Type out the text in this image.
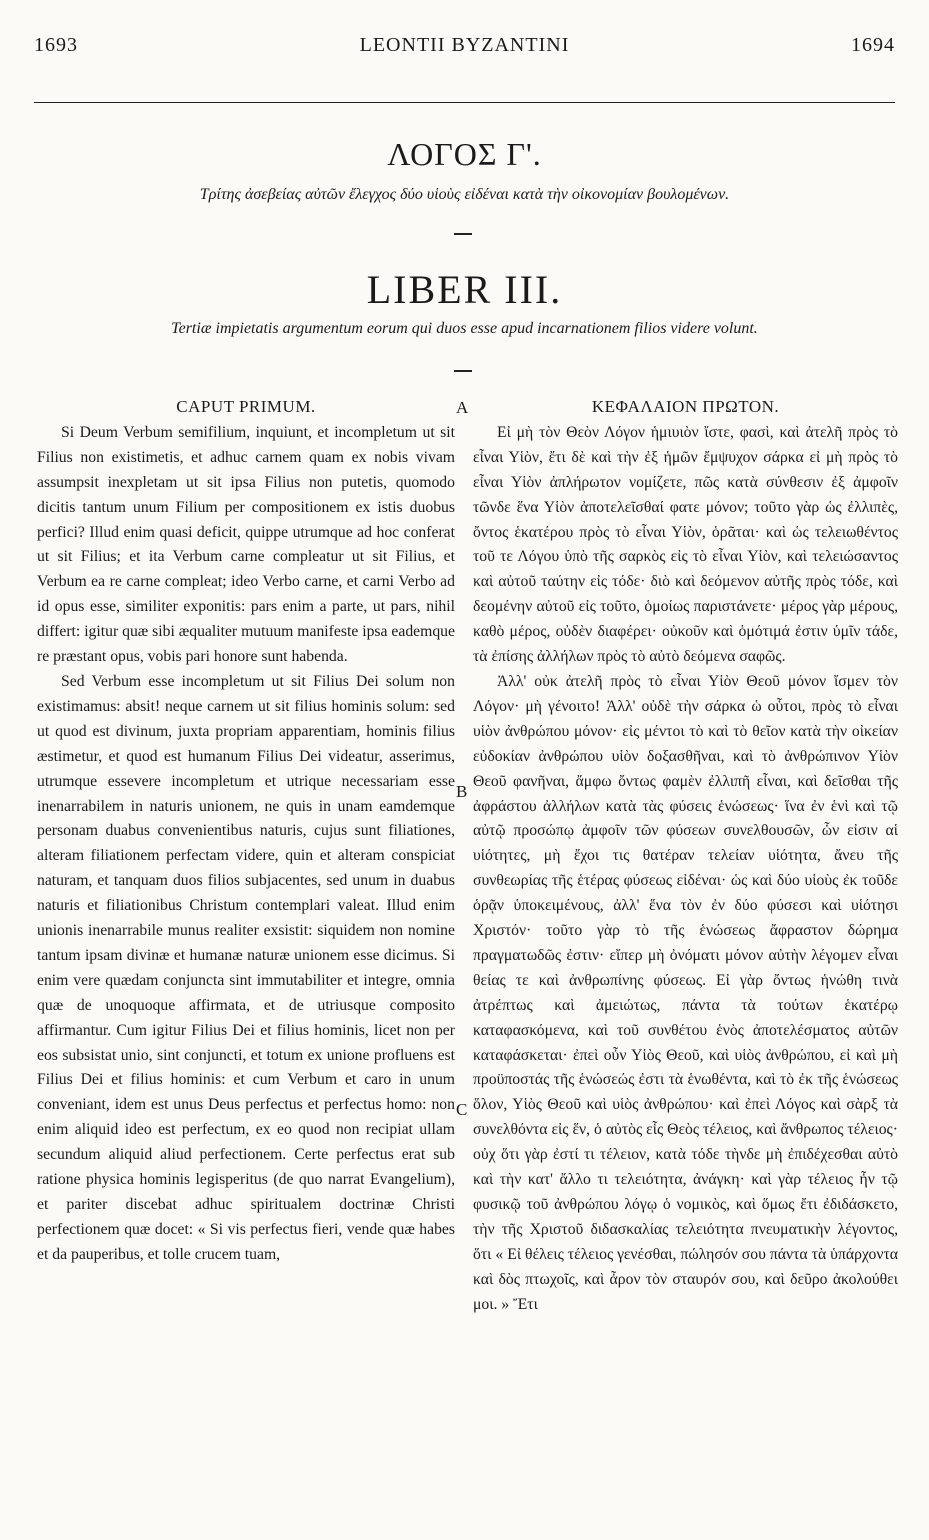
1693	LEONTII BYZANTINI	1694
ΛΟΓΟΣ Γ'.
Τρίτης ἀσεβείας αὐτῶν ἔλεγχος δύο υἱοὺς εἰδέναι κατὰ τὴν οἰκονομίαν βουλομένων.
LIBER III.
Tertiæ impietatis argumentum eorum qui duos esse apud incarnationem filios videre volunt.
CAPUT PRIMUM.

Si Deum Verbum semifilium, inquiunt, et incompletum ut sit Filius non existimetis, et adhuc carnem quam ex nobis vivam assumpsit inexpletam ut sit ipsa Filius non putetis, quomodo dicitis tantum unum Filium per compositionem ex istis duobus perfici? Illud enim quasi deficit, quippe utrumque ad hoc conferat ut sit Filius; et ita Verbum carne compleatur ut sit Filius, et Verbum ea re carne compleat; ideo Verbo carne, et carni Verbo ad id opus esse, similiter exponitis: pars enim a parte, ut pars, nihil differt: igitur quæ sibi æqualiter mutuum manifeste ipsa eademque re præstant opus, vobis pari honore sunt habenda.

Sed Verbum esse incompletum ut sit Filius Dei solum non existimamus: absit! neque carnem ut sit filius hominis solum: sed ut quod est divinum, juxta propriam apparentiam, hominis filius æstimetur, et quod est humanum Filius Dei videatur, asserimus, utrumque essevere incompletum et utrique necessariam esse inenarrabilem in naturis unionem, ne quis in unam eamdemque personam duabus convenientibus naturis, cujus sunt filiationes, alteram filiationem perfectam videre, quin et alteram conspiciat naturam, et tanquam duos filios subjacentes, sed unum in duabus naturis et filiationibus Christum contemplari valeat. Illud enim unionis inenarrabile munus realiter exsistit: siquidem non nomine tantum ipsam divinæ et humanæ naturæ unionem esse dicimus. Si enim vere quædam conjuncta sint immutabiliter et integre, omnia quæ de unoquoque affirmata, et de utriusque composito affirmantur. Cum igitur Filius Dei et filius hominis, licet non per eos subsistat unio, sint conjuncti, et totum ex unione profluens est Filius Dei et filius hominis: et cum Verbum et caro in unum conveniant, idem est unus Deus perfectus et perfectus homo: non enim aliquid ideo est perfectum, ex eo quod non recipiat ullam secundum aliquid aliud perfectionem. Certe perfectus erat sub ratione physica hominis legisperitus (de quo narrat Evangelium), et pariter discebat adhuc spiritualem doctrinæ Christi perfectionem quæ docet: « Si vis perfectus fieri, vende quæ habes et da pauperibus, et tolle crucem tuam,

A
B
C
ΚΕΦΑΛΑΙΟΝ ΠΡΩΤΟΝ.

Εἰ μὴ τὸν Θεὸν Λόγον ἡμιυιὸν ἴστε, φασὶ, καὶ ἀτελῆ πρὸς τὸ εἶναι Υἱὸν, ἔτι δὲ καὶ τὴν ἐξ ἡμῶν ἔμψυχον σάρκα εἰ μὴ πρὸς τὸ εἶναι Υἱὸν ἀπλήρωτον νομίζετε, πῶς κατὰ σύνθεσιν ἐξ ἀμφοῖν τῶνδε ἕνα Υἱὸν ἀποτελεῖσθαί φατε μόνον; τοῦτο γὰρ ὡς ἐλλιπὲς, ὄντος ἑκατέρου πρὸς τὸ εἶναι Υἱὸν, ὁρᾶται· καὶ ὡς τελειωθέντος τοῦ τε Λόγου ὑπὸ τῆς σαρκὸς εἰς τὸ εἶναι Υἱὸν, καὶ τελειώσαντος καὶ αὐτοῦ ταύτην εἰς τόδε· διὸ καὶ δεόμενον αὐτῆς πρὸς τόδε, καὶ δεομένην αὐτοῦ εἰς τοῦτο, ὁμοίως παριστάνετε· μέρος γὰρ μέρους, καθὸ μέρος, οὐδὲν διαφέρει· οὐκοῦν καὶ ὁμότιμά ἐστιν ὑμῖν τάδε, τὰ ἐπίσης ἀλλήλων πρὸς τὸ αὐτὸ δεόμενα σαφῶς.

Ἀλλ' οὐκ ἀτελῆ πρὸς τὸ εἶναι Υἱὸν Θεοῦ μόνον ἴσμεν τὸν Λόγον· μὴ γένοιτο! Ἀλλ' οὐδὲ τὴν σάρκα ὡ οὗτοι, πρὸς τὸ εἶναι υἱὸν ἀνθρώπου μόνον· εἰς μέντοι τὸ καὶ τὸ θεῖον κατὰ τὴν οἰκείαν εὐδοκίαν ἀνθρώπου υἱὸν δοξασθῆναι, καὶ τὸ ἀνθρώπινον Υἱὸν Θεοῦ φανῆναι, ἄμφω ὄντως φαμὲν ἐλλιπῆ εἶναι, καὶ δεῖσθαι τῆς ἀφράστου ἀλλήλων κατὰ τὰς φύσεις ἑνώσεως· ἵνα ἐν ἑνὶ καὶ τῷ αὐτῷ προσώπῳ ἀμφοῖν τῶν φύσεων συνελθουσῶν, ὧν εἰσιν αἱ υἱότητες, μὴ ἔχοι τις θατέραν τελείαν υἱότητα, ἄνευ τῆς συνθεωρίας τῆς ἑτέρας φύσεως εἰδέναι· ὡς καὶ δύο υἱοὺς ἐκ τοῦδε ὁρᾷν ὑποκειμένους, ἀλλ' ἕνα τὸν ἐν δύο φύσεσι καὶ υἱότησι Χριστόν· τοῦτο γὰρ τὸ τῆς ἑνώσεως ἄφραστον δώρημα πραγματωδῶς ἐστιν· εἴπερ μὴ ὀνόματι μόνον αὐτὴν λέγομεν εἶναι θείας τε καὶ ἀνθρωπίνης φύσεως. Εἰ γὰρ ὄντως ἡνώθη τινὰ ἀτρέπτως καὶ ἀμειώτως, πάντα τὰ τούτων ἑκατέρῳ καταφασκόμενα, καὶ τοῦ συνθέτου ἑνὸς ἀποτελέσματος αὐτῶν καταφάσκεται· ἐπεὶ οὖν Υἱὸς Θεοῦ, καὶ υἱὸς ἀνθρώπου, εἰ καὶ μὴ προϋποστάς τῆς ἑνώσεώς ἐστι τὰ ἑνωθέντα, καὶ τὸ ἐκ τῆς ἑνώσεως ὅλον, Υἱὸς Θεοῦ καὶ υἱὸς ἀνθρώπου· καὶ ἐπεὶ Λόγος καὶ σὰρξ τὰ συνελθόντα εἰς ἕν, ὁ αὐτὸς εἷς Θεὸς τέλειος, καὶ ἄνθρωπος τέλειος· οὐχ ὅτι γὰρ ἐστί τι τέλειον, κατὰ τόδε τὴνδε μὴ ἐπιδέχεσθαι αὐτὸ καὶ τὴν κατ' ἄλλο τι τελειότητα, ἀνάγκη· καὶ γὰρ τέλειος ἦν τῷ φυσικῷ τοῦ ἀνθρώπου λόγῳ ὁ νομικὸς, καὶ ὅμως ἔτι ἐδιδάσκετο, τὴν τῆς Χριστοῦ διδασκαλίας τελειότητα πνευματικὴν λέγοντος, ὅτι « Εἰ θέλεις τέλειος γενέσθαι, πώλησόν σου πάντα τὰ ὑπάρχοντα καὶ δὸς πτωχοῖς, καὶ ἆρον τὸν σταυρόν σου, καὶ δεῦρο ἀκολούθει μοι. » Ἔτι
